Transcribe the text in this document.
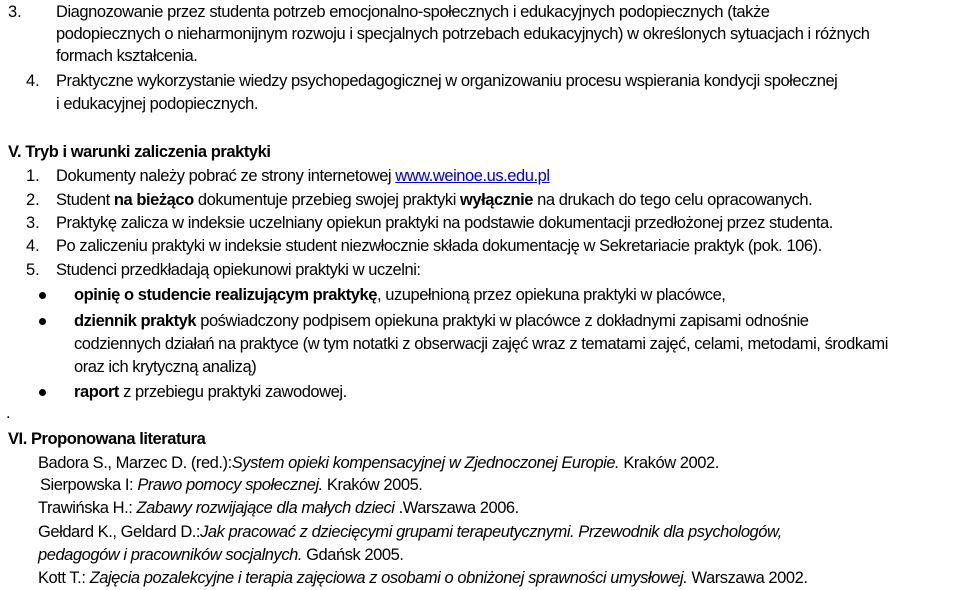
3. Diagnozowanie przez studenta potrzeb emocjonalno-społecznych i edukacyjnych podopiecznych (także
podopiecznych o nieharmonijnym rozwoju i specjalnych potrzebach edukacyjnych) w określonych sytuacjach i różnych
formach kształcenia.
4. Praktyczne wykorzystanie wiedzy psychopedagogicznej w organizowaniu procesu wspierania kondycji społecznej
i edukacyjnej podopiecznych.
V. Tryb i warunki zaliczenia praktyki
1. Dokumenty należy pobrać ze strony internetowej www.weinoe.us.edu.pl
2. Student na bieżąco dokumentuje przebieg swojej praktyki wyłącznie na drukach do tego celu opracowanych.
3. Praktykę zalicza w indeksie uczelniany opiekun praktyki na podstawie dokumentacji przedłożonej przez studenta.
4. Po zaliczeniu praktyki w indeksie student niezwłocznie składa dokumentację w Sekretariacie praktyk (pok. 106).
5. Studenci przedkładają opiekunowi praktyki w uczelni:
opinię o studencie realizującym praktykę, uzupełnioną przez opiekuna praktyki w placówce,
dziennik praktyk poświadczony podpisem opiekuna praktyki w placówce z dokładnymi zapisami odnośnie
codziennych działań na praktyce (w tym notatki z obserwacji zajęć wraz z tematami zajęć, celami, metodami, środkami
oraz ich krytyczną analizą)
raport z przebiegu praktyki zawodowej.
.
VI. Proponowana literatura
Badora S., Marzec D. (red.):System opieki kompensacyjnej w Zjednoczonej Europie. Kraków 2002.
Sierpowska I: Prawo pomocy społecznej. Kraków 2005.
Trawińska H.: Zabawy rozwijające dla małych dzieci .Warszawa 2006.
Gełdard K., Geldard D.:Jak pracować z dziecięcymi grupami terapeutycznymi. Przewodnik dla psychologów,
pedagogów i pracowników socjalnych. Gdańsk 2005.
Kott T.: Zajęcia pozalekcyjne i terapia zajęciowa z osobami o obniżonej sprawności umysłowej. Warszawa 2002.
